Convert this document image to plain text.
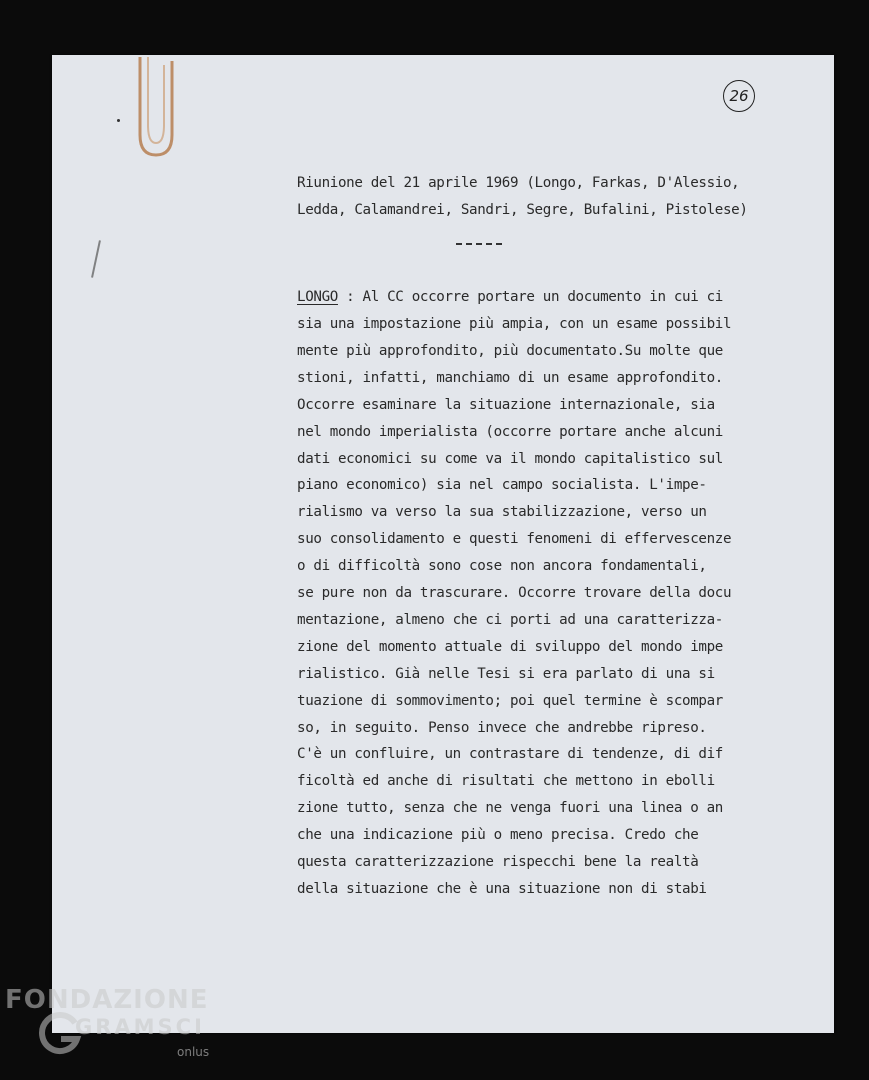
26
Riunione del 21 aprile 1969 (Longo, Farkas, D'Alessio,
Ledda, Calamandrei, Sandri, Segre, Bufalini, Pistolese)
LONGO : Al CC occorre portare un documento in cui ci
sia una impostazione più ampia, con un esame possibil
mente più approfondito, più documentato.Su molte que
stioni, infatti, manchiamo di un esame approfondito.
Occorre esaminare la situazione internazionale, sia
nel mondo imperialista (occorre portare anche alcuni
dati economici su come va il mondo capitalistico sul
piano economico) sia nel campo socialista. L'impe-
rialismo va verso la sua stabilizzazione, verso un
suo consolidamento e questi fenomeni di effervescenze
o di difficoltà sono cose non ancora fondamentali,
se pure non da trascurare. Occorre trovare della docu
mentazione, almeno che ci porti ad una caratterizza-
zione del momento attuale di sviluppo del mondo impe
rialistico. Già nelle Tesi si era parlato di una si
tuazione di sommovimento; poi quel termine è scompar
so, in seguito. Penso invece che andrebbe ripreso.
C'è un confluire, un contrastare di tendenze, di dif
ficoltà ed anche di risultati che mettono in ebolli
zione tutto, senza che ne venga fuori una linea o an
che una indicazione più o meno precisa. Credo che
questa caratterizzazione rispecchi bene la realtà
della situazione che è una situazione non di stabi
FONDAZIONE
GRAMSCI
onlus
